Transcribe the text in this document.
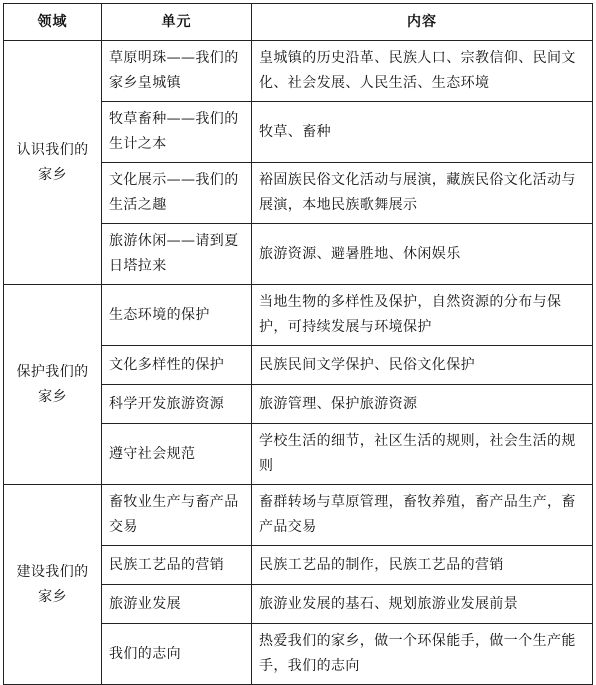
领域	单元	内容
认识我们的家乡	草原明珠——我们的家乡皇城镇	皇城镇的历史沿革、民族人口、宗教信仰、民间文化、社会发展、人民生活、生态环境
	牧草畜种——我们的生计之本	牧草、畜种
	文化展示——我们的生活之趣	裕固族民俗文化活动与展演，藏族民俗文化活动与展演，本地民族歌舞展示
	旅游休闲——请到夏日塔拉来	旅游资源、避暑胜地、休闲娱乐
保护我们的家乡	生态环境的保护	当地生物的多样性及保护，自然资源的分布与保护，可持续发展与环境保护
	文化多样性的保护	民族民间文学保护、民俗文化保护
	科学开发旅游资源	旅游管理、保护旅游资源
	遵守社会规范	学校生活的细节，社区生活的规则，社会生活的规则
建设我们的家乡	畜牧业生产与畜产品交易	畜群转场与草原管理，畜牧养殖，畜产品生产，畜产品交易
	民族工艺品的营销	民族工艺品的制作，民族工艺品的营销
	旅游业发展	旅游业发展的基石、规划旅游业发展前景
	我们的志向	热爱我们的家乡，做一个环保能手，做一个生产能手，我们的志向
